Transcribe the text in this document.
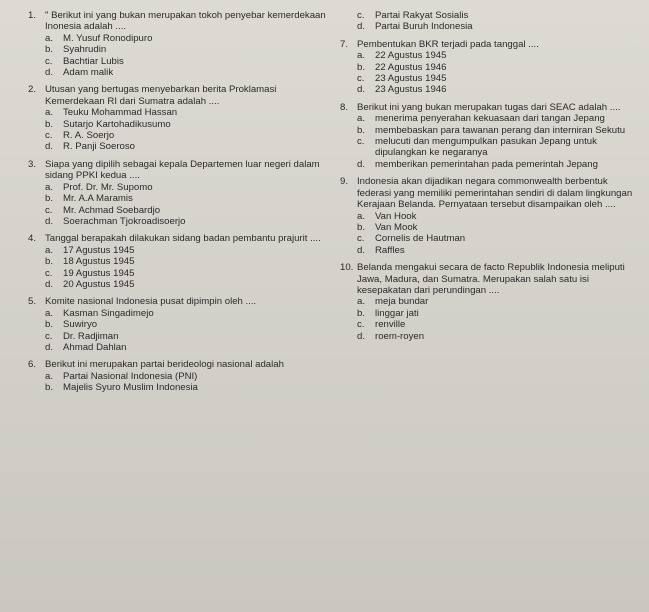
1. " Berikut ini yang bukan merupakan tokoh penyebar kemerdekaan Inonesia adalah ....
a.	M. Yusuf Ronodipuro
b.	Syahrudin
c.	Bachtiar Lubis
d.	Adam malik
2. Utusan yang bertugas menyebarkan berita Proklamasi Kemerdekaan RI dari Sumatra adalah ....
a.	Teuku Mohammad Hassan
b.	Sutarjo Kartohadikusumo
c.	R. A. Soerjo
d.	R. Panji Soeroso
3. Siapa yang dipilih sebagai kepala Departemen luar negeri dalam sidang PPKI kedua ....
a.	Prof. Dr. Mr. Supomo
b.	Mr. A.A Maramis
c.	Mr. Achmad Soebardjo
d.	Soerachman Tjokroadisoerjo
4. Tanggal berapakah dilakukan sidang badan pembantu prajurit ....
a.	17 Agustus 1945
b.	18 Agustus 1945
c.	19 Agustus 1945
d.	20 Agustus 1945
5. Komite nasional Indonesia pusat dipimpin oleh ....
a.	Kasman Singadimejo
b.	Suwiryo
c.	Dr. Radjiman
d.	Ahmad Dahlan
6. Berikut ini merupakan partai berideologi nasional adalah
a.	Partai Nasional Indonesia (PNI)
b.	Majelis Syuro Muslim Indonesia
c.	Partai Rakyat Sosialis
d.	Partai Buruh Indonesia
7. Pembentukan BKR terjadi pada tanggal ....
a.	22 Agustus 1945
b.	22 Agustus 1946
c.	23 Agustus 1945
d.	23 Agustus 1946
8. Berikut ini yang bukan merupakan tugas dari SEAC adalah ....
a.	menerima penyerahan kekuasaan dari tangan Jepang
b.	membebaskan para tawanan perang dan interniran Sekutu
c.	melucuti dan mengumpulkan pasukan Jepang untuk dipulangkan ke negaranya
d.	memberikan pemerintahan pada pemerintah Jepang
9. Indonesia akan dijadikan negara commonwealth berbentuk federasi yang memiliki pemerintahan sendiri di dalam lingkungan Kerajaan Belanda. Pernyataan tersebut disampaikan oleh ....
a.	Van Hook
b.	Van Mook
c.	Cornelis de Hautman
d.	Raffles
10. Belanda mengakui secara de facto Republik Indonesia meliputi Jawa, Madura, dan Sumatra. Merupakan salah satu isi kesepakatan dari perundingan ....
a.	meja bundar
b.	linggar jati
c.	renville
d.	roem-royen
